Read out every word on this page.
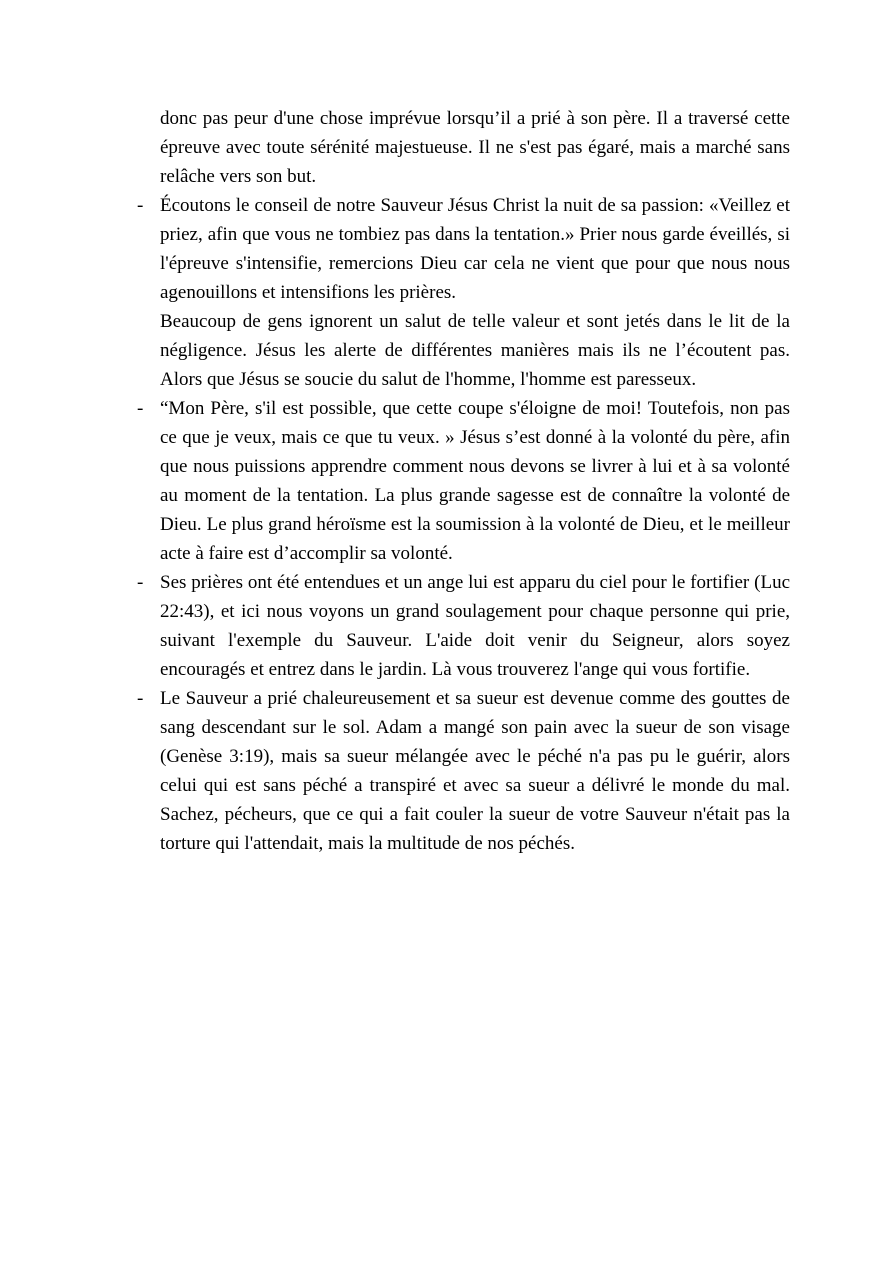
donc pas peur d'une chose imprévue lorsqu’il a prié à son père. Il a traversé cette épreuve avec toute sérénité majestueuse. Il ne s'est pas égaré, mais a marché sans relâche vers son but.

- Écoutons le conseil de notre Sauveur Jésus Christ la nuit de sa passion: «Veillez et priez, afin que vous ne tombiez pas dans la tentation.» Prier nous garde éveillés, si l'épreuve s'intensifie, remercions Dieu car cela ne vient que pour que nous nous agenouillons et intensifions les prières.

Beaucoup de gens ignorent un salut de telle valeur et sont jetés dans le lit de la négligence. Jésus les alerte de différentes manières mais ils ne l’écoutent pas. Alors que Jésus se soucie du salut de l'homme, l'homme est paresseux.

- “Mon Père, s'il est possible, que cette coupe s'éloigne de moi! Toutefois, non pas ce que je veux, mais ce que tu veux. » Jésus s’est donné à la volonté du père, afin que nous puissions apprendre comment nous devons se livrer à lui et à sa volonté au moment de la tentation. La plus grande sagesse est de connaître la volonté de Dieu. Le plus grand héroïsme est la soumission à la volonté de Dieu, et le meilleur acte à faire est d’accomplir sa volonté.

- Ses prières ont été entendues et un ange lui est apparu du ciel pour le fortifier (Luc 22:43), et ici nous voyons un grand soulagement pour chaque personne qui prie, suivant l'exemple du Sauveur. L'aide doit venir du Seigneur, alors soyez encouragés et entrez dans le jardin. Là vous trouverez l'ange qui vous fortifie.

- Le Sauveur a prié chaleureusement et sa sueur est devenue comme des gouttes de sang descendant sur le sol. Adam a mangé son pain avec la sueur de son visage (Genèse 3:19), mais sa sueur mélangée avec le péché n'a pas pu le guérir, alors celui qui est sans péché a transpiré et avec sa sueur a délivré le monde du mal. Sachez, pécheurs, que ce qui a fait couler la sueur de votre Sauveur n'était pas la torture qui l'attendait, mais la multitude de nos péchés.
